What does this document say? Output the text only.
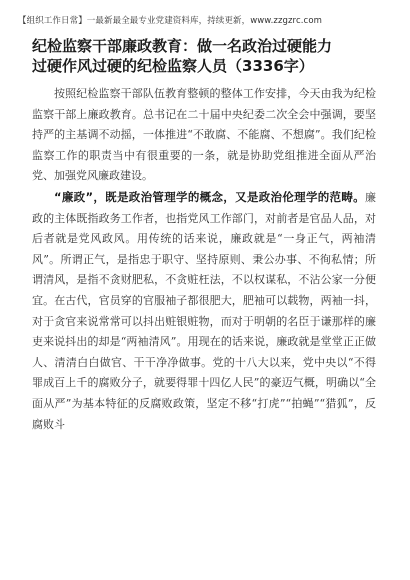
【组织工作日常】一最新最全最专业党建资料库，持续更新，www.zzgzrc.com
纪检监察干部廉政教育：做一名政治过硬能力
过硬作风过硬的纪检监察人员（3336字）

按照纪检监察干部队伍教育整顿的整体工作安排，今天由我为纪检监察干部上廉政教育。总书记在二十届中央纪委二次全会中强调，要坚持严的主基调不动摇，一体推进“不敢腐、不能腐、不想腐”。我们纪检监察工作的职责当中有很重要的一条，就是协助党组推进全面从严治党、加强党风廉政建设。

“廉政”，既是政治管理学的概念，又是政治伦理学的范畴。廉政的主体既指政务工作者，也指党风工作部门，对前者是官品人品，对后者就是党风政风。用传统的话来说，廉政就是“一身正气，两袖清风”。所谓正气，是指忠于职守、坚持原则、秉公办事、不徇私情；所谓清风，是指不贪财肥私，不贪赃枉法，不以权谋私，不沾公家一分便宜。在古代，官员穿的官服袖子都很肥大，肥袖可以载物，两袖一抖，对于贪官来说常常可以抖出赃银赃物，而对于明朝的名臣于谦那样的廉吏来说抖出的却是“两袖清风”。用现在的话来说，廉政就是堂堂正正做人、清清白白做官、干干净净做事。党的十八大以来，党中央以“不得罪成百上千的腐败分子，就要得罪十四亿人民”的豪迈气概，明确以“全面从严”为基本特征的反腐败政策，坚定不移“打虎”“拍蝇”“猎狐”，反腐败斗
